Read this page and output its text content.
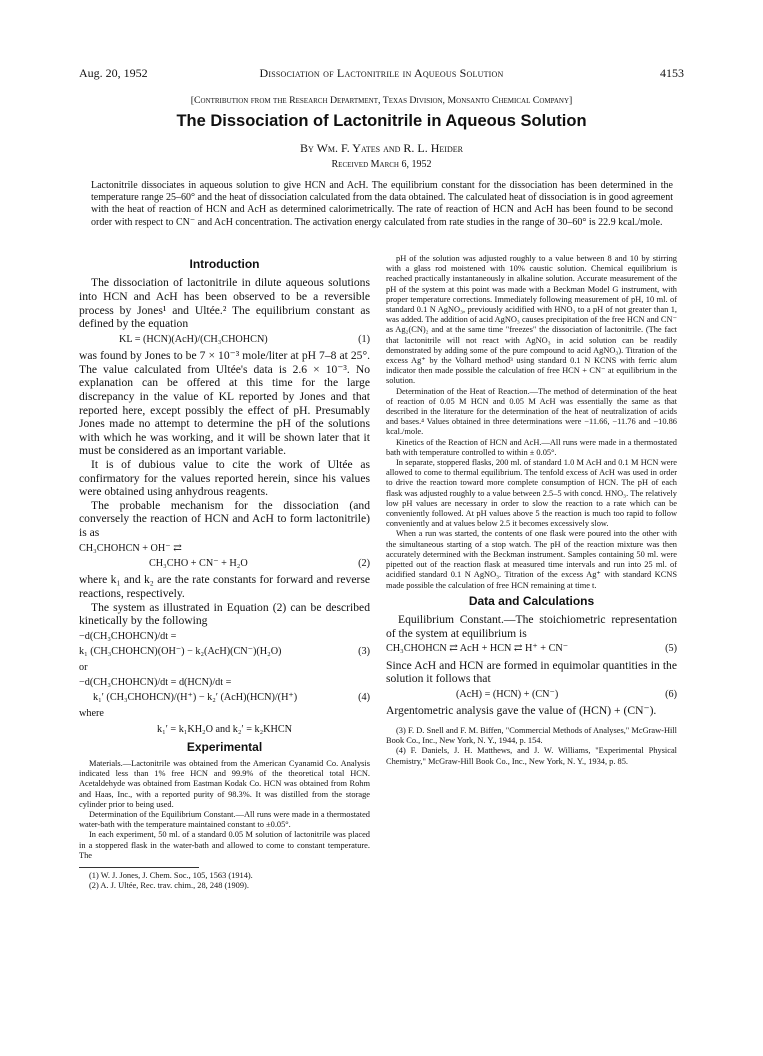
Aug. 20, 1952	Dissociation of Lactonitrile in Aqueous Solution	4153
[Contribution from the Research Department, Texas Division, Monsanto Chemical Company]
The Dissociation of Lactonitrile in Aqueous Solution
By Wm. F. Yates and R. L. Heider
Received March 6, 1952
Lactonitrile dissociates in aqueous solution to give HCN and AcH. The equilibrium constant for the dissociation has been determined in the temperature range 25–60° and the heat of dissociation calculated from the data obtained. The calculated heat of dissociation is in good agreement with the heat of reaction of HCN and AcH as determined calorimetrically. The rate of reaction of HCN and AcH has been found to be second order with respect to CN⁻ and AcH concentration. The activation energy calculated from rate studies in the range of 30–60° is 22.9 kcal./mole.
Introduction

The dissociation of lactonitrile in dilute aqueous solutions into HCN and AcH has been observed to be a reversible process by Jones¹ and Ultée.² The equilibrium constant as defined by the equation

KL = (HCN)(AcH)/(CH₃CHOHCN)	(1)

was found by Jones to be 7 × 10⁻³ mole/liter at pH 7–8 at 25°. The value calculated from Ultée's data is 2.6 × 10⁻³. No explanation can be offered at this time for the large discrepancy in the value of KL reported by Jones and that reported here, except possibly the effect of pH. Presumably Jones made no attempt to determine the pH of the solutions with which he was working, and it will be shown later that it must be considered as an important variable.

It is of dubious value to cite the work of Ultée as confirmatory for the values reported herein, since his values were obtained using anhydrous reagents.

The probable mechanism for the dissociation (and conversely the reaction of HCN and AcH to form lactonitrile) is as

CH₃CHOHCN + OH⁻ ⇄
CH₃CHO + CN⁻ + H₂O	(2)

where k₁ and k₂ are the rate constants for forward and reverse reactions, respectively.

The system as illustrated in Equation (2) can be described kinetically by the following

−d(CH₃CHOHCN)/dt =
k₁ (CH₃CHOHCN)(OH⁻) − k₂(AcH)(CN⁻)(H₂O)	(3)
or
−d(CH₃CHOHCN)/dt = d(HCN)/dt =
k₁′ (CH₃CHOHCN)/(H⁺) − k₂′ (AcH)(HCN)/(H⁺)	(4)
where
k₁′ = k₁KH₂O and k₂′ = k₂KHCN
Experimental

Materials.—Lactonitrile was obtained from the American Cyanamid Co. Analysis indicated less than 1% free HCN and 99.9% of the theoretical total HCN. Acetaldehyde was obtained from Eastman Kodak Co. HCN was obtained from Rohm and Haas, Inc., with a reported purity of 98.3%. It was distilled from the storage cylinder prior to being used.

Determination of the Equilibrium Constant.—All runs were made in a thermostated water-bath with the temperature maintained constant to ±0.05°.

In each experiment, 50 ml. of a standard 0.05 M solution of lactonitrile was placed in a stoppered flask in the water-bath and allowed to come to constant temperature. The

(1) W. J. Jones, J. Chem. Soc., 105, 1563 (1914).

(2) A. J. Ultée, Rec. trav. chim., 28, 248 (1909).

pH of the solution was adjusted roughly to a value between 8 and 10 by stirring with a glass rod moistened with 10% caustic solution. Chemical equilibrium is reached practically instantaneously in alkaline solution. Accurate measurement of the pH of the system at this point was made with a Beckman Model G instrument, with proper temperature corrections. Immediately following measurement of pH, 10 ml. of standard 0.1 N AgNO₃, previously acidified with HNO₃ to a pH of not greater than 1, was added. The addition of acid AgNO₃ causes precipitation of the free HCN and CN⁻ as Ag₂(CN)₂ and at the same time "freezes" the dissociation of lactonitrile. (The fact that lactonitrile will not react with AgNO₃ in acid solution can be readily demonstrated by adding some of the pure compound to acid AgNO₃). Titration of the excess Ag⁺ by the Volhard method³ using standard 0.1 N KCNS with ferric alum indicator then made possible the calculation of free HCN + CN⁻ at equilibrium in the solution.

Determination of the Heat of Reaction.—The method of determination of the heat of reaction of 0.05 M HCN and 0.05 M AcH was essentially the same as that described in the literature for the determination of the heat of neutralization of acids and bases.⁴ Values obtained in three determinations were −11.66, −11.76 and −10.86 kcal./mole.

Kinetics of the Reaction of HCN and AcH.—All runs were made in a thermostated bath with temperature controlled to within ± 0.05°.

In separate, stoppered flasks, 200 ml. of standard 1.0 M AcH and 0.1 M HCN were allowed to come to thermal equilibrium. The tenfold excess of AcH was used in order to drive the reaction toward more complete consumption of HCN. The pH of each flask was adjusted roughly to a value between 2.5–5 with concd. HNO₃. The relatively low pH values are necessary in order to slow the reaction to a rate which can be conveniently followed. At pH values above 5 the reaction is much too rapid to follow conveniently and at values below 2.5 it becomes excessively slow.

When a run was started, the contents of one flask were poured into the other with the simultaneous starting of a stop watch. The pH of the reaction mixture was then accurately determined with the Beckman instrument. Samples containing 50 ml. were pipetted out of the reaction flask at measured time intervals and run into 25 ml. of acidified standard 0.1 N AgNO₃. Titration of the excess Ag⁺ with standard KCNS made possible the calculation of free HCN remaining at time t.

Data and Calculations

Equilibrium Constant.—The stoichiometric representation of the system at equilibrium is

CH₃CHOHCN ⇄ AcH + HCN ⇄ H⁺ + CN⁻	(5)

Since AcH and HCN are formed in equimolar quantities in the solution it follows that

(AcH) = (HCN) + (CN⁻)	(6)

Argentometric analysis gave the value of (HCN) + (CN⁻).

(3) F. D. Snell and F. M. Biffen, "Commercial Methods of Analyses," McGraw-Hill Book Co., Inc., New York, N. Y., 1944, p. 154.

(4) F. Daniels, J. H. Matthews, and J. W. Williams, "Experimental Physical Chemistry," McGraw-Hill Book Co., Inc., New York, N. Y., 1934, p. 85.
